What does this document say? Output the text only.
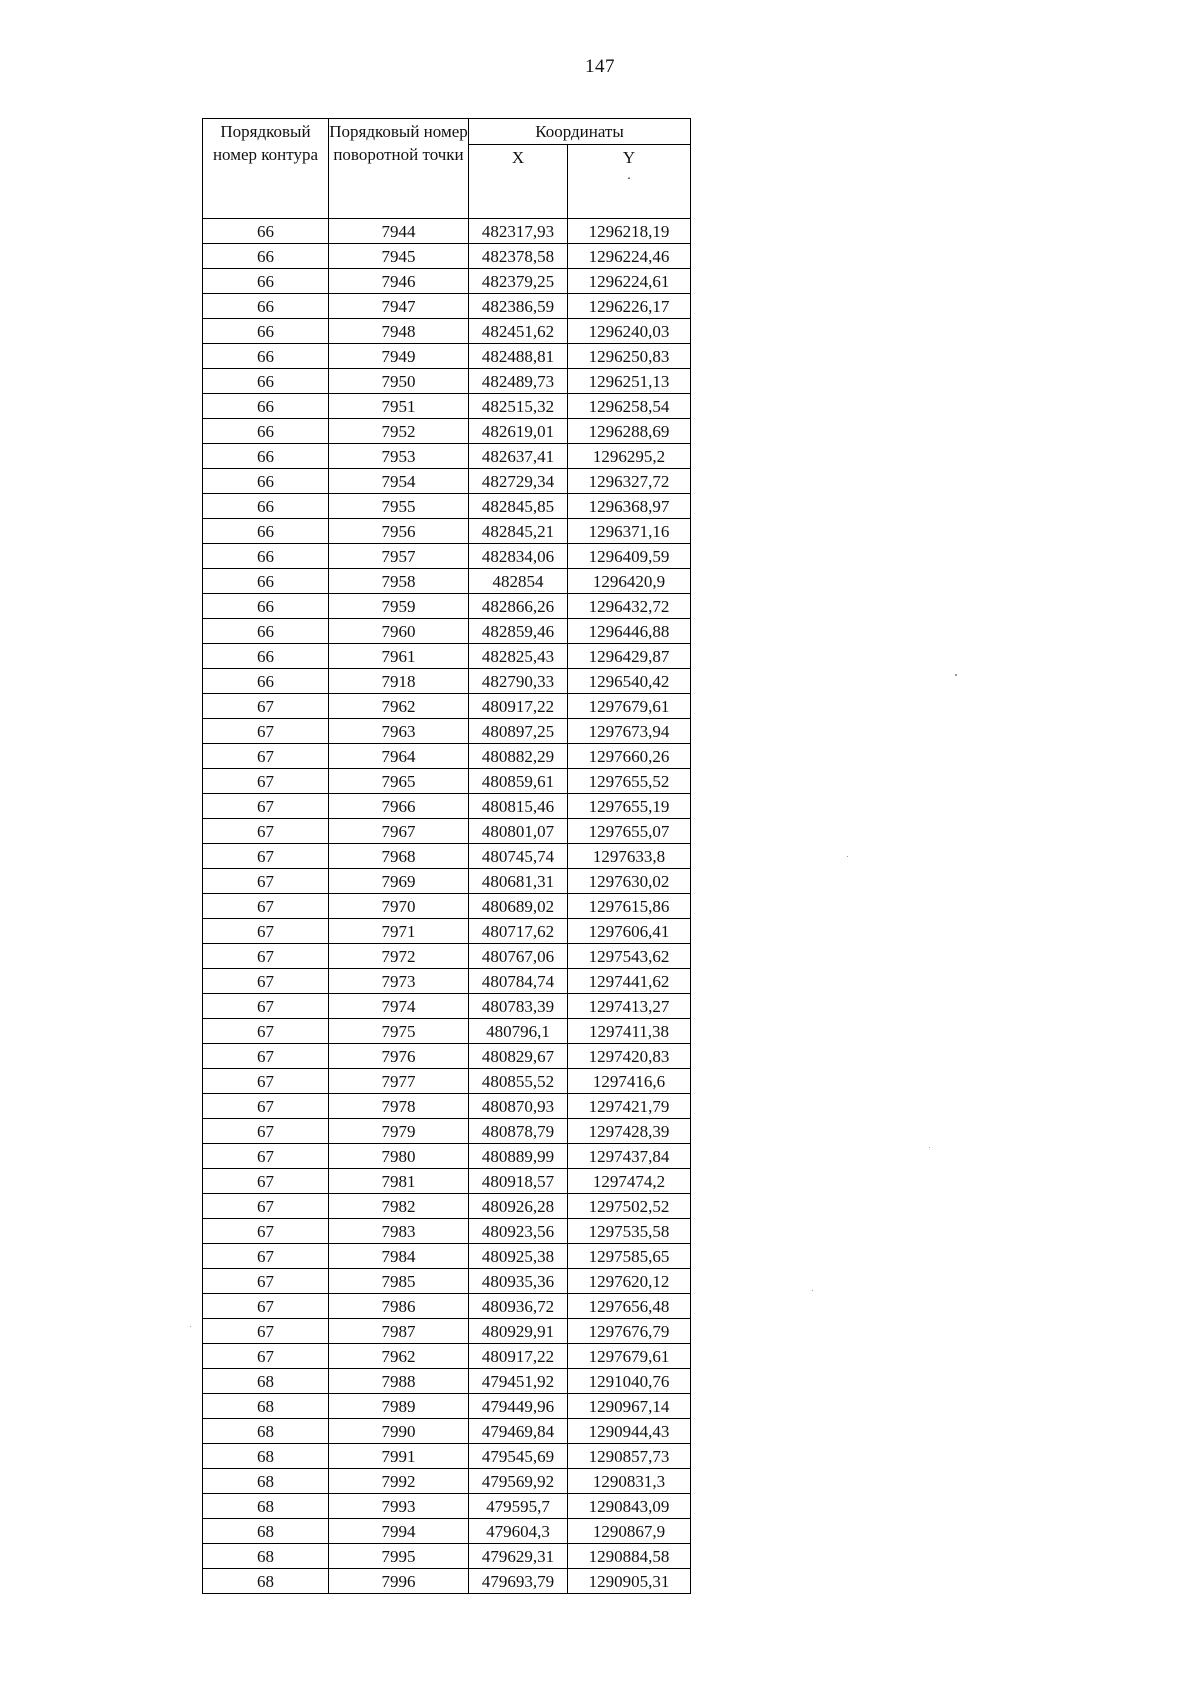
147
Порядковый номер контура	Порядковый номер поворотной точки	Координаты	
		X	Y
·

66	7944	482317,93	1296218,19
66	7945	482378,58	1296224,46
66	7946	482379,25	1296224,61
66	7947	482386,59	1296226,17
66	7948	482451,62	1296240,03
66	7949	482488,81	1296250,83
66	7950	482489,73	1296251,13
66	7951	482515,32	1296258,54
66	7952	482619,01	1296288,69
66	7953	482637,41	1296295,2
66	7954	482729,34	1296327,72
66	7955	482845,85	1296368,97
66	7956	482845,21	1296371,16
66	7957	482834,06	1296409,59
66	7958	482854	1296420,9
66	7959	482866,26	1296432,72
66	7960	482859,46	1296446,88
66	7961	482825,43	1296429,87
66	7918	482790,33	1296540,42
67	7962	480917,22	1297679,61
67	7963	480897,25	1297673,94
67	7964	480882,29	1297660,26
67	7965	480859,61	1297655,52
67	7966	480815,46	1297655,19
67	7967	480801,07	1297655,07
67	7968	480745,74	1297633,8
67	7969	480681,31	1297630,02
67	7970	480689,02	1297615,86
67	7971	480717,62	1297606,41
67	7972	480767,06	1297543,62
67	7973	480784,74	1297441,62
67	7974	480783,39	1297413,27
67	7975	480796,1	1297411,38
67	7976	480829,67	1297420,83
67	7977	480855,52	1297416,6
67	7978	480870,93	1297421,79
67	7979	480878,79	1297428,39
67	7980	480889,99	1297437,84
67	7981	480918,57	1297474,2
67	7982	480926,28	1297502,52
67	7983	480923,56	1297535,58
67	7984	480925,38	1297585,65
67	7985	480935,36	1297620,12
67	7986	480936,72	1297656,48
67	7987	480929,91	1297676,79
67	7962	480917,22	1297679,61
68	7988	479451,92	1291040,76
68	7989	479449,96	1290967,14
68	7990	479469,84	1290944,43
68	7991	479545,69	1290857,73
68	7992	479569,92	1290831,3
68	7993	479595,7	1290843,09
68	7994	479604,3	1290867,9
68	7995	479629,31	1290884,58
68	7996	479693,79	1290905,31
